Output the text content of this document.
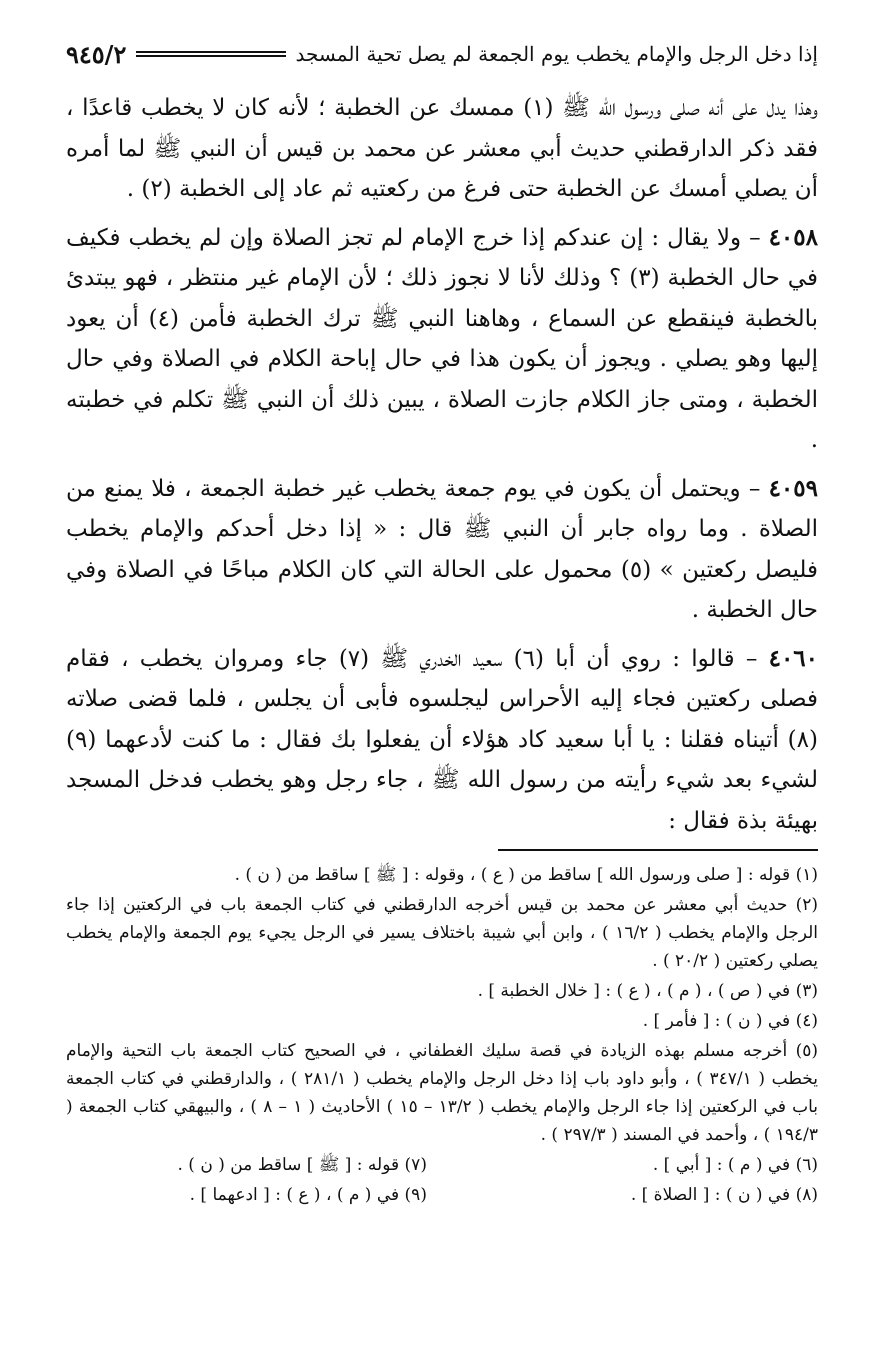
إذا دخل الرجل والإمام يخطب يوم الجمعة لم يصل تحية المسجد
٩٤٥/٢

وهذا يدل على أنه صلى ورسول الله ﷺ (١) ممسك عن الخطبة ؛ لأنه كان لا يخطب قاعدًا ، فقد ذكر الدارقطني حديث أبي معشر عن محمد بن قيس أن النبي ﷺ لما أمره أن يصلي أمسك عن الخطبة حتى فرغ من ركعتيه ثم عاد إلى الخطبة (٢) .

٤٠٥٨ – ولا يقال : إن عندكم إذا خرج الإمام لم تجز الصلاة وإن لم يخطب فكيف في حال الخطبة (٣) ؟ وذلك لأنا لا نجوز ذلك ؛ لأن الإمام غير منتظر ، فهو يبتدئ بالخطبة فينقطع عن السماع ، وهاهنا النبي ﷺ ترك الخطبة فأمن (٤) أن يعود إليها وهو يصلي . ويجوز أن يكون هذا في حال إباحة الكلام في الصلاة وفي حال الخطبة ، ومتى جاز الكلام جازت الصلاة ، يبين ذلك أن النبي ﷺ تكلم في خطبته .

٤٠٥٩ – ويحتمل أن يكون في يوم جمعة يخطب غير خطبة الجمعة ، فلا يمنع من الصلاة . وما رواه جابر أن النبي ﷺ قال : « إذا دخل أحدكم والإمام يخطب فليصل ركعتين » (٥) محمول على الحالة التي كان الكلام مباحًا في الصلاة وفي حال الخطبة .

٤٠٦٠ – قالوا : روي أن أبا (٦) سعيد الخدري ﷺ (٧) جاء ومروان يخطب ، فقام فصلى ركعتين فجاء إليه الأحراس ليجلسوه فأبى أن يجلس ، فلما قضى صلاته (٨) أتيناه فقلنا : يا أبا سعيد كاد هؤلاء أن يفعلوا بك فقال : ما كنت لأدعهما (٩) لشيء بعد شيء رأيته من رسول الله ﷺ ، جاء رجل وهو يخطب فدخل المسجد بهيئة بذة فقال :

(١) قوله : [ صلى ورسول الله ] ساقط من ( ع ) ، وقوله : [ ﷺ ] ساقط من ( ن ) .

(٢) حديث أبي معشر عن محمد بن قيس أخرجه الدارقطني في كتاب الجمعة باب في الركعتين إذا جاء الرجل والإمام يخطب ( ١٦/٢ ) ، وابن أبي شيبة باختلاف يسير في الرجل يجيء يوم الجمعة والإمام يخطب يصلي ركعتين ( ٢٠/٢ ) .

(٣) في ( ص ) ، ( م ) ، ( ع ) : [ خلال الخطبة ] .

(٤) في ( ن ) : [ فأمر ] .

(٥) أخرجه مسلم بهذه الزيادة في قصة سليك الغطفاني ، في الصحيح كتاب الجمعة باب التحية والإمام يخطب ( ٣٤٧/١ ) ، وأبو داود باب إذا دخل الرجل والإمام يخطب ( ٢٨١/١ ) ، والدارقطني في كتاب الجمعة باب في الركعتين إذا جاء الرجل والإمام يخطب ( ١٣/٢ – ١٥ ) الأحاديث ( ١ – ٨ ) ، والبيهقي كتاب الجمعة ( ١٩٤/٣ ) ، وأحمد في المسند ( ٢٩٧/٣ ) .

(٦) في ( م ) : [ أبي ] .
(٧) قوله : [ ﷺ ] ساقط من ( ن ) .
(٨) في ( ن ) : [ الصلاة ] .
(٩) في ( م ) ، ( ع ) : [ ادعهما ] .
